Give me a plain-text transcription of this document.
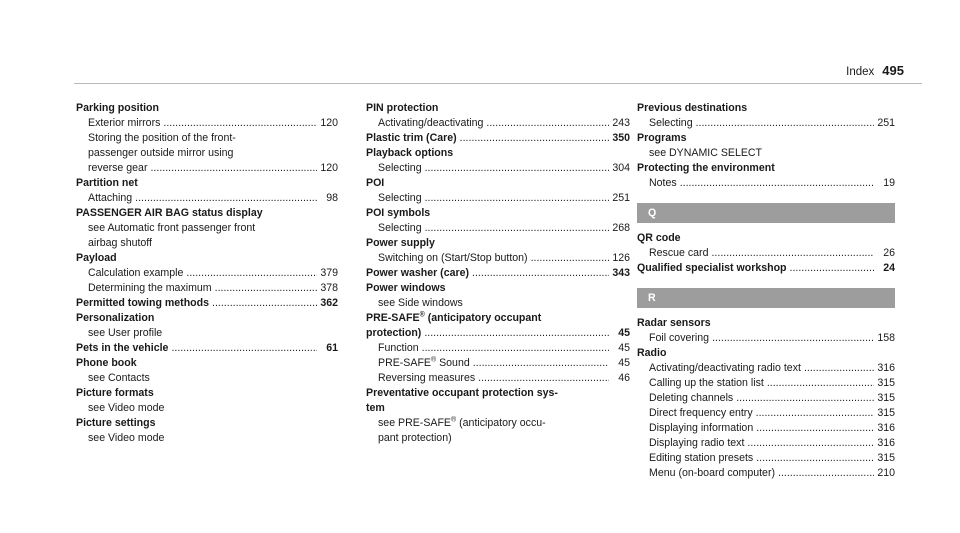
Index 495
Parking position
Exterior mirrors .....	120
Storing the position of the front-
passenger outside mirror using
reverse gear .....	120
Partition net
Attaching .....	98
PASSENGER AIR BAG status display
see Automatic front passenger front
airbag shutoff
Payload
Calculation example .....	379
Determining the maximum .....	378
Permitted towing methods .....	362
Personalization
see User profile
Pets in the vehicle .....	61
Phone book
see Contacts
Picture formats
see Video mode
Picture settings
see Video mode
PIN protection
Activating/deactivating .....	243
Plastic trim (Care) .....	350
Playback options
Selecting .....	304
POI
Selecting .....	251
POI symbols
Selecting .....	268
Power supply
Switching on (Start/Stop button) .....	126
Power washer (care) .....	343
Power windows
see Side windows
PRE-SAFE® (anticipatory occupant
protection) .....	45
Function .....	45
PRE-SAFE® Sound .....	45
Reversing measures .....	46
Preventative occupant protection sys-
tem
see PRE-SAFE® (anticipatory occu-
pant protection)
Previous destinations
Selecting .....	251
Programs
see DYNAMIC SELECT
Protecting the environment
Notes .....	19
Q
QR code
Rescue card .....	26
Qualified specialist workshop .....	24
R
Radar sensors
Foil covering .....	158
Radio
Activating/deactivating radio text .....	316
Calling up the station list .....	315
Deleting channels .....	315
Direct frequency entry .....	315
Displaying information .....	316
Displaying radio text .....	316
Editing station presets .....	315
Menu (on-board computer) .....	210
